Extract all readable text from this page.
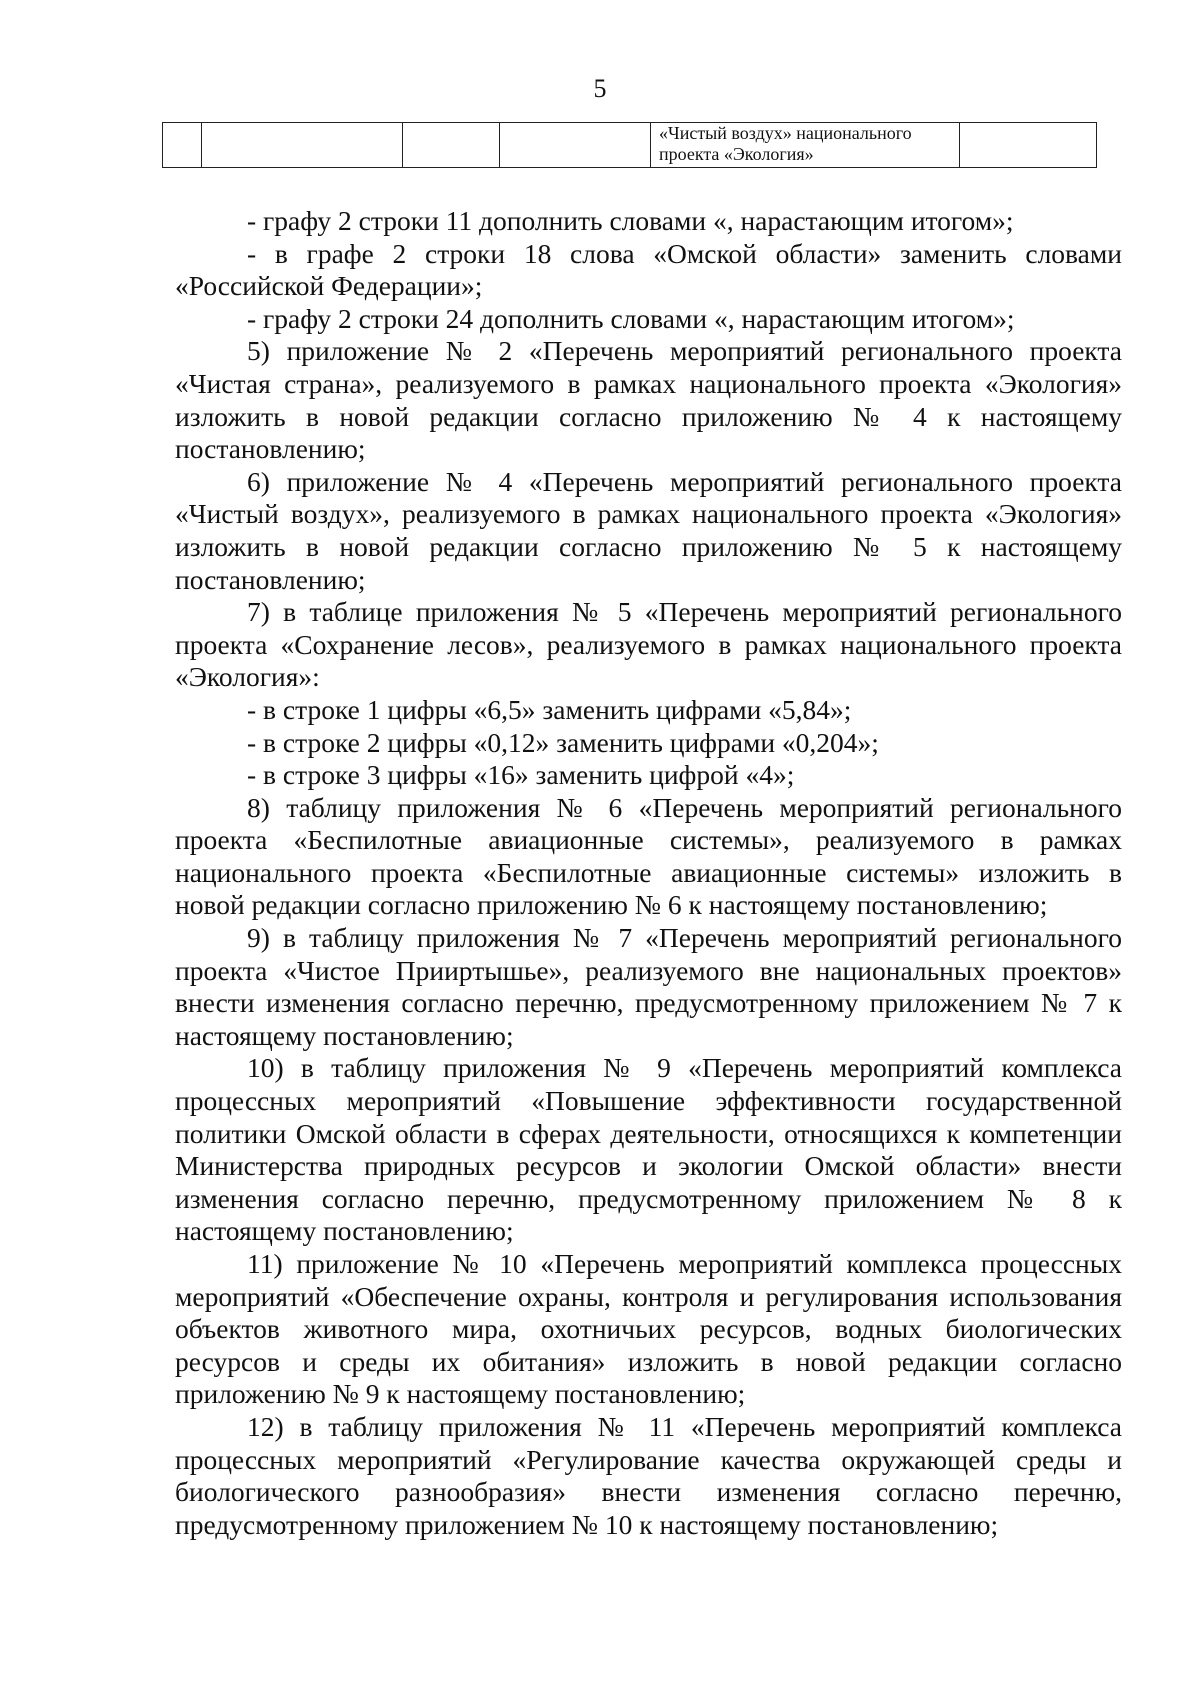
5
				«Чистый воздух» национального проекта «Экология»	

- графу 2 строки 11 дополнить словами «, нарастающим итогом»;

- в графе 2 строки 18 слова «Омской области» заменить словами «Российской Федерации»;

- графу 2 строки 24 дополнить словами «, нарастающим итогом»;

5) приложение № 2 «Перечень мероприятий регионального проекта «Чистая страна», реализуемого в рамках национального проекта «Экология» изложить в новой редакции согласно приложению № 4 к настоящему постановлению;

6) приложение № 4 «Перечень мероприятий регионального проекта «Чистый воздух», реализуемого в рамках национального проекта «Экология» изложить в новой редакции согласно приложению № 5 к настоящему постановлению;

7) в таблице приложения № 5 «Перечень мероприятий регионального проекта «Сохранение лесов», реализуемого в рамках национального проекта «Экология»:

- в строке 1 цифры «6,5» заменить цифрами «5,84»;

- в строке 2 цифры «0,12» заменить цифрами «0,204»;

- в строке 3 цифры «16» заменить цифрой «4»;

8) таблицу приложения № 6 «Перечень мероприятий регионального проекта «Беспилотные авиационные системы», реализуемого в рамках национального проекта «Беспилотные авиационные системы» изложить в новой редакции согласно приложению № 6 к настоящему постановлению;

9) в таблицу приложения № 7 «Перечень мероприятий регионального проекта «Чистое Прииртышье», реализуемого вне национальных проектов» внести изменения согласно перечню, предусмотренному приложением № 7 к настоящему постановлению;

10) в таблицу приложения № 9 «Перечень мероприятий комплекса процессных мероприятий «Повышение эффективности государственной политики Омской области в сферах деятельности, относящихся к компетенции Министерства природных ресурсов и экологии Омской области» внести изменения согласно перечню, предусмотренному приложением № 8 к настоящему постановлению;

11) приложение № 10 «Перечень мероприятий комплекса процессных мероприятий «Обеспечение охраны, контроля и регулирования использования объектов животного мира, охотничьих ресурсов, водных биологических ресурсов и среды их обитания» изложить в новой редакции согласно приложению № 9 к настоящему постановлению;

12) в таблицу приложения № 11 «Перечень мероприятий комплекса процессных мероприятий «Регулирование качества окружающей среды и биологического разнообразия» внести изменения согласно перечню, предусмотренному приложением № 10 к настоящему постановлению;
